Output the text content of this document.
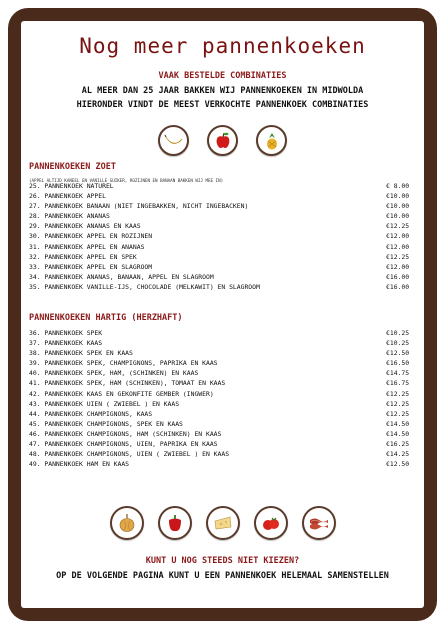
Nog meer pannenkoeken
VAAK BESTELDE COMBINATIES
AL MEER DAN 25 JAAR BAKKEN WIJ PANNENKOEKEN IN MIDWOLDA
HIERONDER VINDT DE MEEST VERKOCHTE PANNENKOEK COMBINATIES
PANNENKOEKEN ZOET
(APPEL ALTIJD KANEEL EN VANILLE SUIKER, ROZIJNEN EN BANAAN BAKKEN WIJ MEE IN)
25. PANNENKOEK NATUREL	€ 8.00
26. PANNENKOEK APPEL	€10.00
27. PANNENKOEK BANAAN (NIET INGEBAKKEN, NICHT INGEBACKEN)	€10.00
28. PANNENKOEK ANANAS	€10.00
29. PANNENKOEK ANANAS EN KAAS	€12.25
30. PANNENKOEK APPEL EN ROZIJNEN	€12.00
31. PANNENKOEK APPEL EN ANANAS	€12.00
32. PANNENKOEK APPEL EN SPEK	€12.25
33. PANNENKOEK APPEL EN SLAGROOM	€12.00
34. PANNENKOEK ANANAS, BANAAN, APPEL EN SLAGROOM	€16.00
35. PANNENKOEK VANILLE-IJS, CHOCOLADE (MELKAWIT) EN SLAGROOM	€16.00
PANNENKOEKEN HARTIG (HERZHAFT)
36. PANNENKOEK SPEK	€10.25
37. PANNENKOEK KAAS	€10.25
38. PANNENKOEK SPEK EN KAAS	€12.50
39. PANNENKOEK SPEK, CHAMPIGNONS, PAPRIKA EN KAAS	€16.50
40. PANNENKOEK SPEK, HAM, (SCHINKEN) EN KAAS	€14.75
41. PANNENKOEK SPEK, HAM (SCHINKEN), TOMAAT EN KAAS	€16.75
42. PANNENKOEK KAAS EN GEKONFITE GEMBER (INGWER)	€12.25
43. PANNENKOEK UIEN ( ZWIEBEL ) EN KAAS	€12.25
44. PANNENKOEK CHAMPIGNONS, KAAS	€12.25
45. PANNENKOEK CHAMPIGNONS, SPEK EN KAAS	€14.50
46. PANNENKOEK CHAMPIGNONS, HAM (SCHINKEN) EN KAAS	€14.50
47. PANNENKOEK CHAMPIGNONS, UIEN, PAPRIKA EN KAAS	€16.25
48. PANNENKOEK CHAMPIGNONS, UIEN ( ZWIEBEL ) EN KAAS	€14.25
49. PANNENKOEK HAM EN KAAS	€12.50
KUNT U NOG STEEDS NIET KIEZEN?
OP DE VOLGENDE PAGINA KUNT U EEN PANNENKOEK HELEMAAL SAMENSTELLEN
